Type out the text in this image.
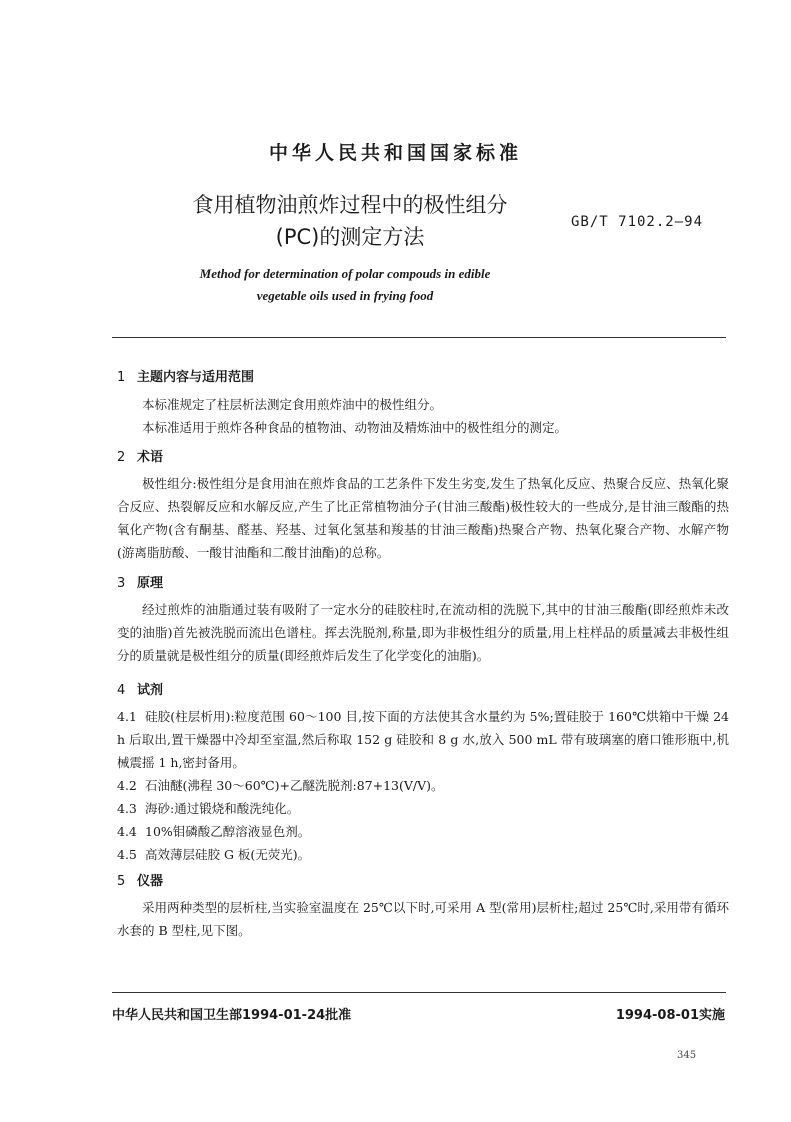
中华人民共和国国家标准
食用植物油煎炸过程中的极性组分
(PC)的测定方法
GB/T 7102.2—94
Method for determination of polar compouds in edible
vegetable oils used in frying food
1 主题内容与适用范围

本标准规定了柱层析法测定食用煎炸油中的极性组分。

本标准适用于煎炸各种食品的植物油、动物油及精炼油中的极性组分的测定。

2 术语

极性组分:极性组分是食用油在煎炸食品的工艺条件下发生劣变,发生了热氧化反应、热聚合反应、热氧化聚合反应、热裂解反应和水解反应,产生了比正常植物油分子(甘油三酸酯)极性较大的一些成分,是甘油三酸酯的热氧化产物(含有酮基、醛基、羟基、过氧化氢基和羧基的甘油三酸酯)热聚合产物、热氧化聚合产物、水解产物(游离脂肪酸、一酸甘油酯和二酸甘油酯)的总称。

3 原理

经过煎炸的油脂通过装有吸附了一定水分的硅胶柱时,在流动相的洗脱下,其中的甘油三酸酯(即经煎炸未改变的油脂)首先被洗脱而流出色谱柱。挥去洗脱剂,称量,即为非极性组分的质量,用上柱样品的质量减去非极性组分的质量就是极性组分的质量(即经煎炸后发生了化学变化的油脂)。

4 试剂

4.1 硅胶(柱层析用):粒度范围 60～100 目,按下面的方法使其含水量约为 5%;置硅胶于 160℃烘箱中干燥 24 h 后取出,置干燥器中冷却至室温,然后称取 152 g 硅胶和 8 g 水,放入 500 mL 带有玻璃塞的磨口锥形瓶中,机械震摇 1 h,密封备用。

4.2 石油醚(沸程 30～60℃)+乙醚洗脱剂:87+13(V/V)。
4.3 海砂:通过锻烧和酸洗纯化。
4.4 10%钼磷酸乙醇溶液显色剂。
4.5 高效薄层硅胶 G 板(无荧光)。
5 仪器

采用两种类型的层析柱,当实验室温度在 25℃以下时,可采用 A 型(常用)层析柱;超过 25℃时,采用带有循环水套的 B 型柱,见下图。

中华人民共和国卫生部1994-01-24批准	1994-08-01实施
345
